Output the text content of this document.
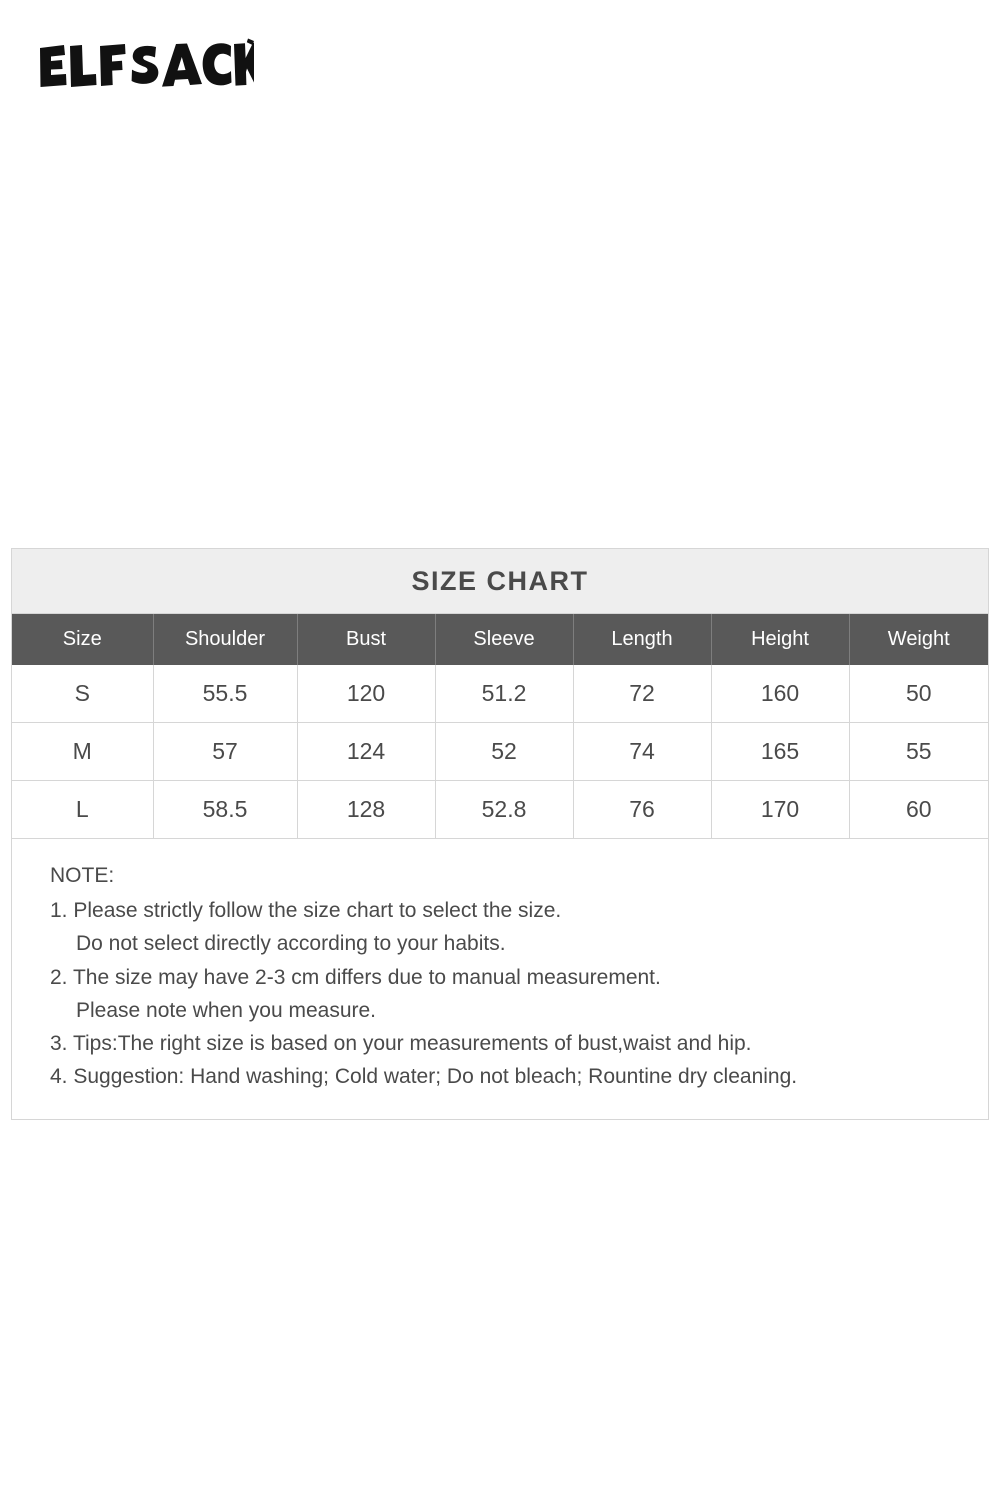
SIZE CHART
Size	Shoulder	Bust	Sleeve	Length	Height	Weight
S	55.5	120	51.2	72	160	50
M	57	124	52	74	165	55
L	58.5	128	52.8	76	170	60
NOTE:
1. Please strictly follow the size chart to select the size.
Do not select directly according to your habits.
2. The size may have 2-3 cm differs due to manual measurement.
Please note when you measure.
3. Tips:The right size is based on your measurements of bust,waist and hip.
4. Suggestion: Hand washing; Cold water; Do not bleach; Rountine dry cleaning.
